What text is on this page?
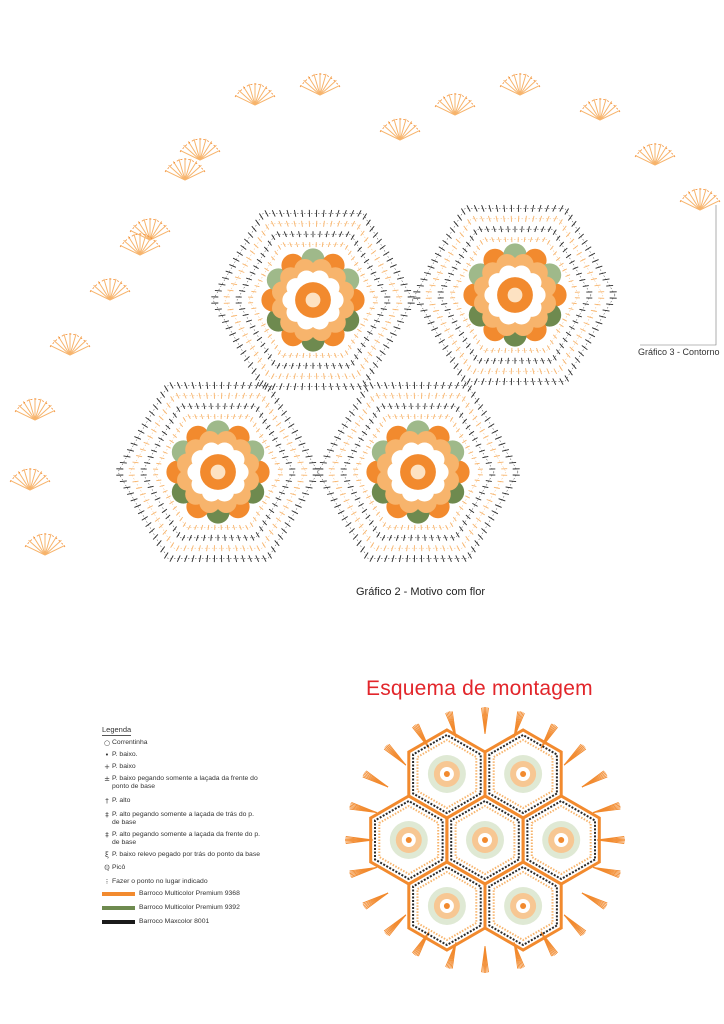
Gráfico 3 - Contorno
Gráfico 2 - Motivo com flor
Esquema de montagem
Legenda
○ Correntinha
• P. baixo.
+ P. baixo
± P. baixo pegando somente a laçada da frente do ponto de base
† P. alto
‡ P. alto pegando somente a laçada de trás do p. de base
‡ P. alto pegando somente a laçada da frente do p. de base
ξ P. baixo relevo pegado por trás do ponto da base
ℚ Picô
⁝ Fazer o ponto no lugar indicado
Barroco Multicolor Premium 9368
Barroco Multicolor Premium 9392
Barroco Maxcolor 8001
